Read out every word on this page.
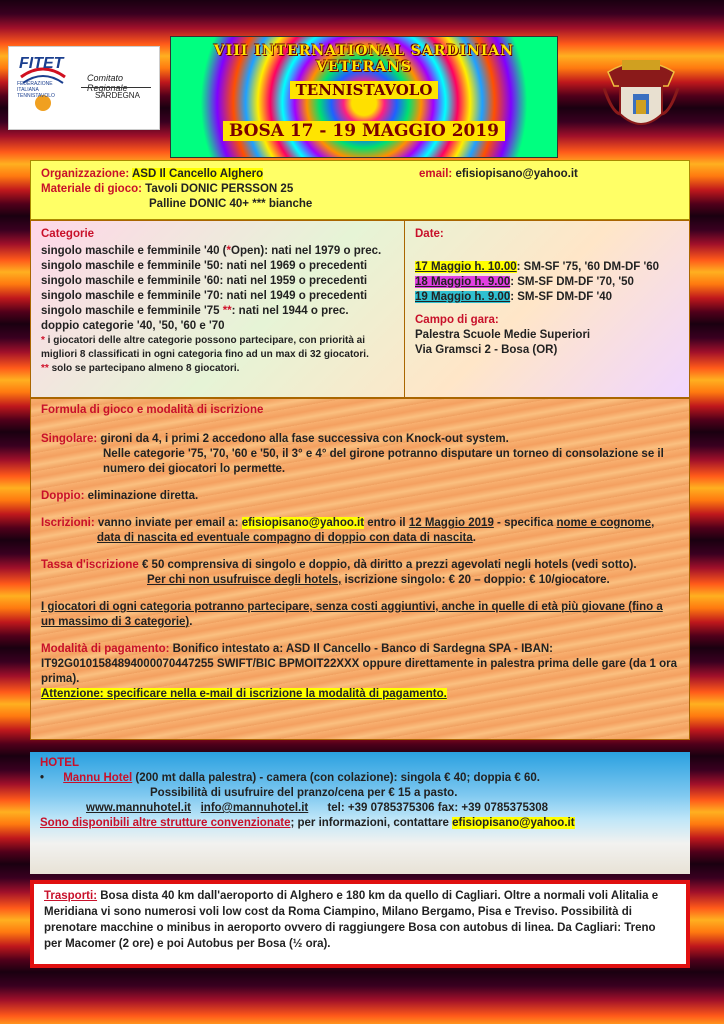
FITET
FEDERAZIONE ITALIANA TENNISTAVOLO
Comitato Regionale
SARDEGNA
VIII INTERNATIONAL SARDINIAN VETERANS
TENNISTAVOLO
BOSA 17 - 19 MAGGIO 2019
Organizzazione: ASD Il Cancello Alghero	email: efisiopisano@yahoo.it
Materiale di gioco: Tavoli DONIC PERSSON 25
Palline DONIC 40+ *** bianche
Categorie
singolo maschile e femminile '40 (*Open): nati nel 1979 o prec.
singolo maschile e femminile '50: nati nel 1969 o precedenti
singolo maschile e femminile '60: nati nel 1959 o precedenti
singolo maschile e femminile '70: nati nel 1949 o precedenti
singolo maschile e femminile '75 **: nati nel 1944 o prec.
doppio categorie '40, '50, '60 e '70
* i giocatori delle altre categorie possono partecipare, con priorità ai migliori 8 classificati in ogni categoria fino ad un max di 32 giocatori.
** solo se partecipano almeno 8 giocatori.
Date:
17 Maggio h. 10.00: SM-SF '75, '60 DM-DF '60
18 Maggio h. 9.00: SM-SF DM-DF '70, '50
19 Maggio h. 9.00: SM-SF DM-DF '40
Campo di gara:
Palestra Scuole Medie Superiori
Via Gramsci 2 - Bosa (OR)
Formula di gioco e modalità di iscrizione
Singolare: gironi da 4, i primi 2 accedono alla fase successiva con Knock-out system.
Nelle categorie '75, '70, '60 e '50, il 3° e 4° del girone potranno disputare un torneo di consolazione se il numero dei giocatori lo permette.
Doppio: eliminazione diretta.
Iscrizioni: vanno inviate per email a: efisiopisano@yahoo.it entro il 12 Maggio 2019 - specifica nome e cognome,
data di nascita ed eventuale compagno di doppio con data di nascita.
Tassa d'iscrizione € 50 comprensiva di singolo e doppio, dà diritto a prezzi agevolati negli hotels (vedi sotto).
Per chi non usufruisce degli hotels, iscrizione singolo: € 20 – doppio: € 10/giocatore.
I giocatori di ogni categoria potranno partecipare, senza costi aggiuntivi, anche in quelle di età più giovane (fino a un massimo di 3 categorie).
Modalità di pagamento: Bonifico intestato a: ASD Il Cancello - Banco di Sardegna SPA - IBAN:
IT92G0101584894000070447255 SWIFT/BIC BPMOIT22XXX oppure direttamente in palestra prima delle gare (da 1 ora prima).
Attenzione: specificare nella e-mail di iscrizione la modalità di pagamento.
HOTEL
• Mannu Hotel (200 mt dalla palestra) - camera (con colazione): singola € 40; doppia € 60.
Possibilità di usufruire del pranzo/cena per € 15 a pasto.
www.mannuhotel.it info@mannuhotel.it tel: +39 0785375306 fax: +39 0785375308
Sono disponibili altre strutture convenzionate; per informazioni, contattare efisiopisano@yahoo.it
Trasporti: Bosa dista 40 km dall'aeroporto di Alghero e 180 km da quello di Cagliari. Oltre a normali voli Alitalia e Meridiana vi sono numerosi voli low cost da Roma Ciampino, Milano Bergamo, Pisa e Treviso. Possibilità di prenotare macchine o minibus in aeroporto ovvero di raggiungere Bosa con autobus di linea. Da Cagliari: Treno per Macomer (2 ore) e poi Autobus per Bosa (½ ora).
